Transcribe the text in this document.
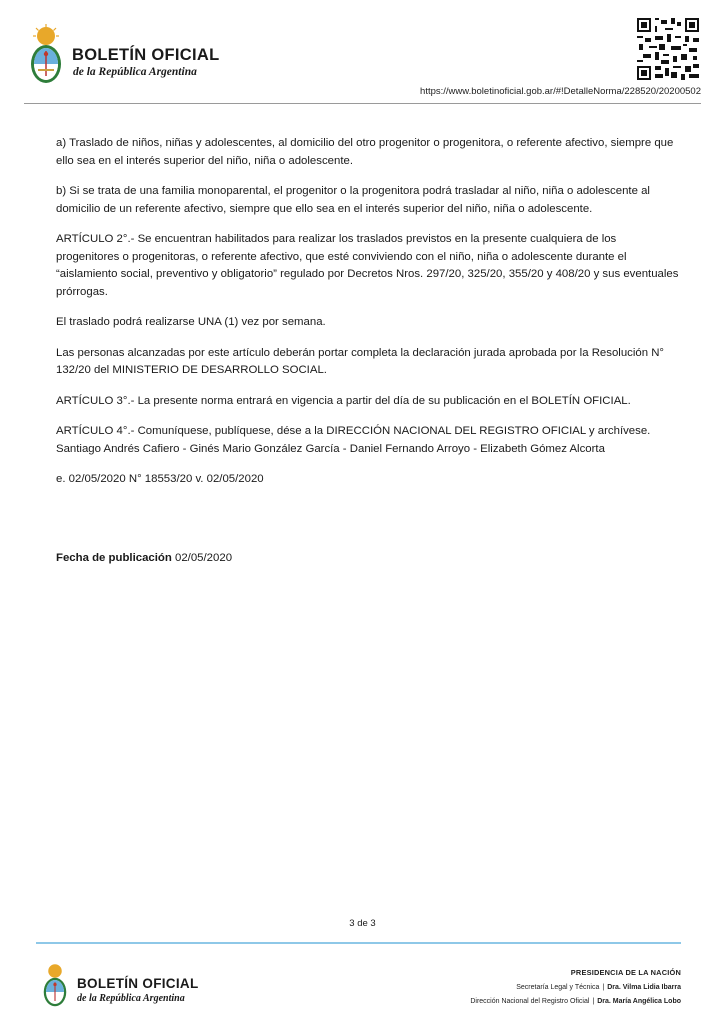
BOLETÍN OFICIAL
de la República Argentina
https://www.boletinoficial.gob.ar/#!DetalleNorma/228520/20200502

a) Traslado de niños, niñas y adolescentes, al domicilio del otro progenitor o progenitora, o referente afectivo, siempre que ello sea en el interés superior del niño, niña o adolescente.

b) Si se trata de una familia monoparental, el progenitor o la progenitora podrá trasladar al niño, niña o adolescente al domicilio de un referente afectivo, siempre que ello sea en el interés superior del niño, niña o adolescente.

ARTÍCULO 2°.- Se encuentran habilitados para realizar los traslados previstos en la presente cualquiera de los progenitores o progenitoras, o referente afectivo, que esté conviviendo con el niño, niña o adolescente durante el “aislamiento social, preventivo y obligatorio” regulado por Decretos Nros. 297/20, 325/20, 355/20 y 408/20 y sus eventuales prórrogas.

El traslado podrá realizarse UNA (1) vez por semana.

Las personas alcanzadas por este artículo deberán portar completa la declaración jurada aprobada por la Resolución N° 132/20 del MINISTERIO DE DESARROLLO SOCIAL.

ARTÍCULO 3°.- La presente norma entrará en vigencia a partir del día de su publicación en el BOLETÍN OFICIAL.

ARTÍCULO 4°.- Comuníquese, publíquese, dése a la DIRECCIÓN NACIONAL DEL REGISTRO OFICIAL y archívese. Santiago Andrés Cafiero - Ginés Mario González García - Daniel Fernando Arroyo - Elizabeth Gómez Alcorta

e. 02/05/2020 N° 18553/20 v. 02/05/2020

Fecha de publicación 02/05/2020
3 de 3
BOLETÍN OFICIAL
de la República Argentina
PRESIDENCIA DE LA NACIÓN
Secretaría Legal y Técnica | Dra. Vilma Lidia Ibarra
Dirección Nacional del Registro Oficial | Dra. María Angélica Lobo
